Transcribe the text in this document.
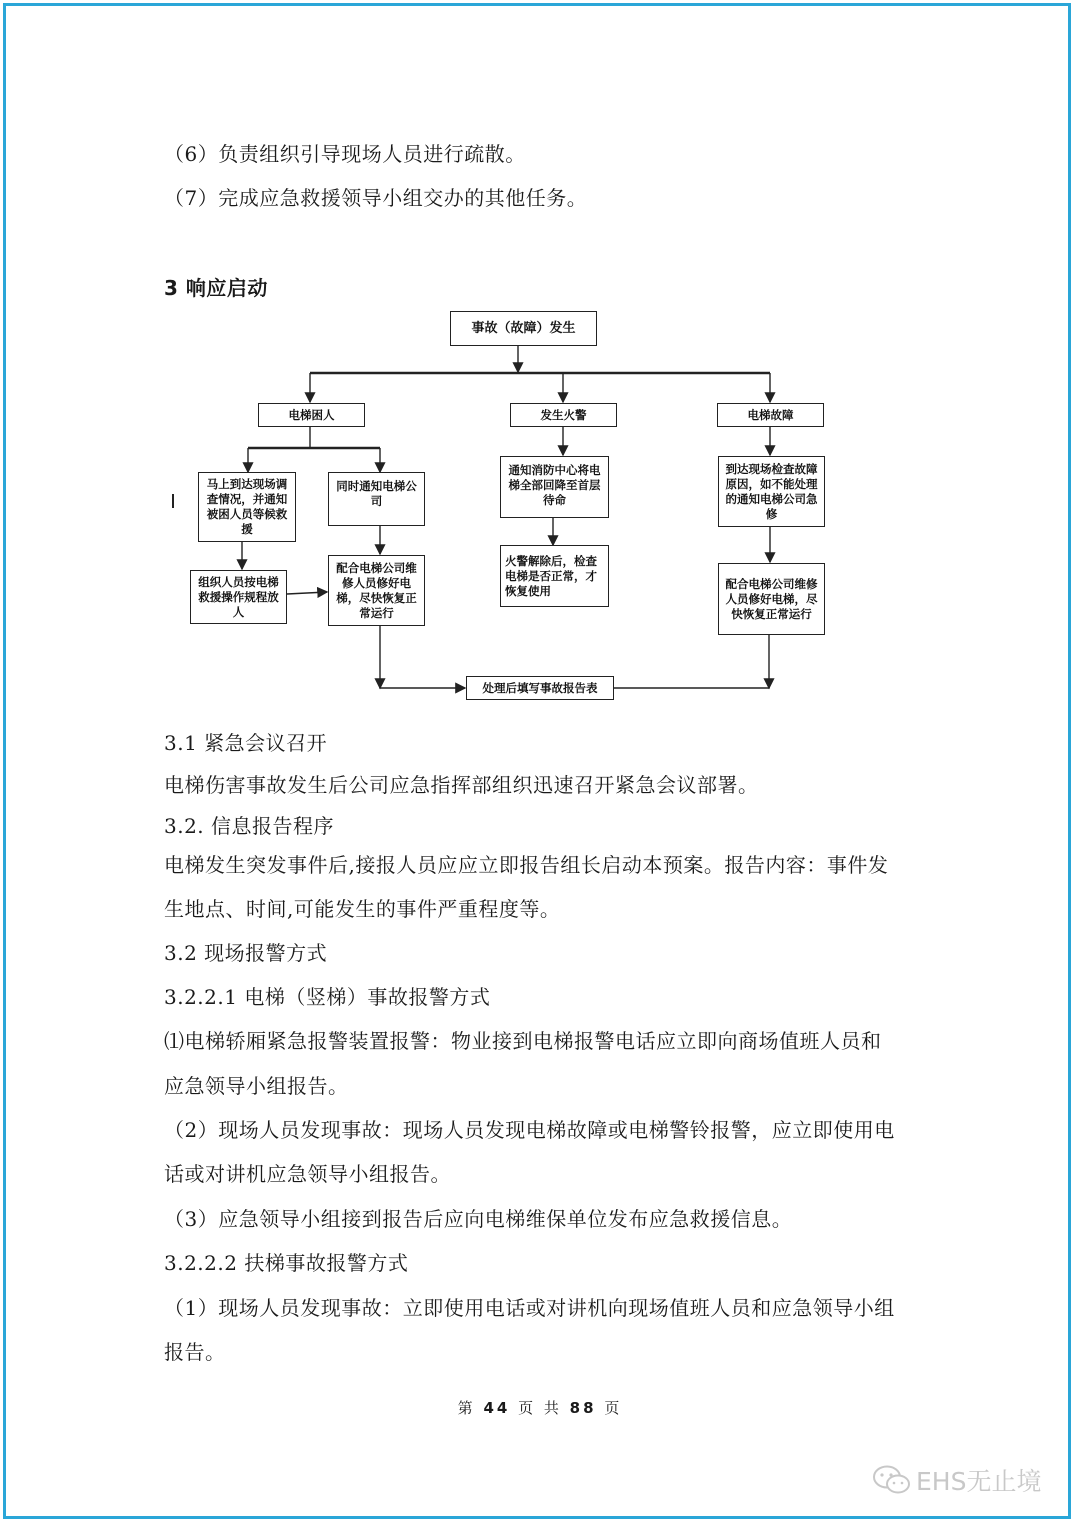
（6）负责组织引导现场人员进行疏散。
（7）完成应急救援领导小组交办的其他任务。
3 响应启动
事故（故障）发生
电梯困人	发生火警	电梯故障
马上到达现场调查情况，并通知被困人员等候救援
同时通知电梯公司
组织人员按电梯救援操作规程放人
配合电梯公司维修人员修好电梯，尽快恢复正常运行
通知消防中心将电梯全部回降至首层待命
火警解除后，检查电梯是否正常，才恢复使用
到达现场检查故障原因，如不能处理的通知电梯公司急修
配合电梯公司维修人员修好电梯，尽快恢复正常运行
处理后填写事故报告表
3.1 紧急会议召开
电梯伤害事故发生后公司应急指挥部组织迅速召开紧急会议部署。
3.2. 信息报告程序
电梯发生突发事件后,接报人员应应立即报告组长启动本预案。报告内容：事件发
生地点、时间,可能发生的事件严重程度等。
3.2 现场报警方式
3.2.2.1 电梯（竖梯）事故报警方式
⑴电梯轿厢紧急报警装置报警：物业接到电梯报警电话应立即向商场值班人员和
应急领导小组报告。
（2）现场人员发现事故：现场人员发现电梯故障或电梯警铃报警，应立即使用电
话或对讲机应急领导小组报告。
（3）应急领导小组接到报告后应向电梯维保单位发布应急救援信息。
3.2.2.2 扶梯事故报警方式
（1）现场人员发现事故：立即使用电话或对讲机向现场值班人员和应急领导小组
报告。
第 44 页 共 88 页
EHS无止境
